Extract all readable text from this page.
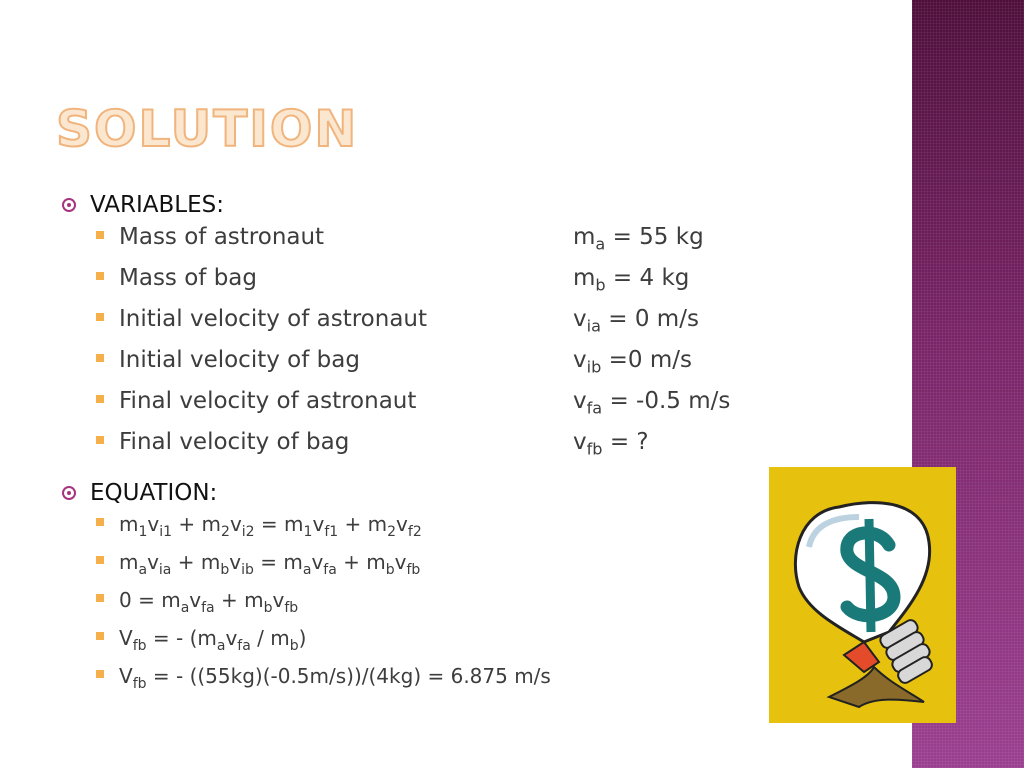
SOLUTION
VARIABLES:
Mass of astronaut	$m_a = 55$ kg
Mass of bag	$m_b = 4$ kg
Initial velocity of astronaut	$v_{ia} = 0$ m/s
Initial velocity of bag	$v_{ib} =0$ m/s
Final velocity of astronaut	$v_{fa} = -0.5$ m/s
Final velocity of bag	$v_{fb}$ = ?
EQUATION:
$m_1v_{i1} + m_2v_{i2} = m_1v_{f1} + m_2v_{f2}$
$m_av_{ia} + m_bv_{ib} = m_av_{fa} + m_bv_{fb}$
$0 = m_av_{fa} + m_bv_{fb}$
$V_{fb}$ = - $(m_av_{fa} / m_b)$
$V_{fb}$ = - ((55kg)(-0.5m/s))/(4kg) = 6.875 m/s
